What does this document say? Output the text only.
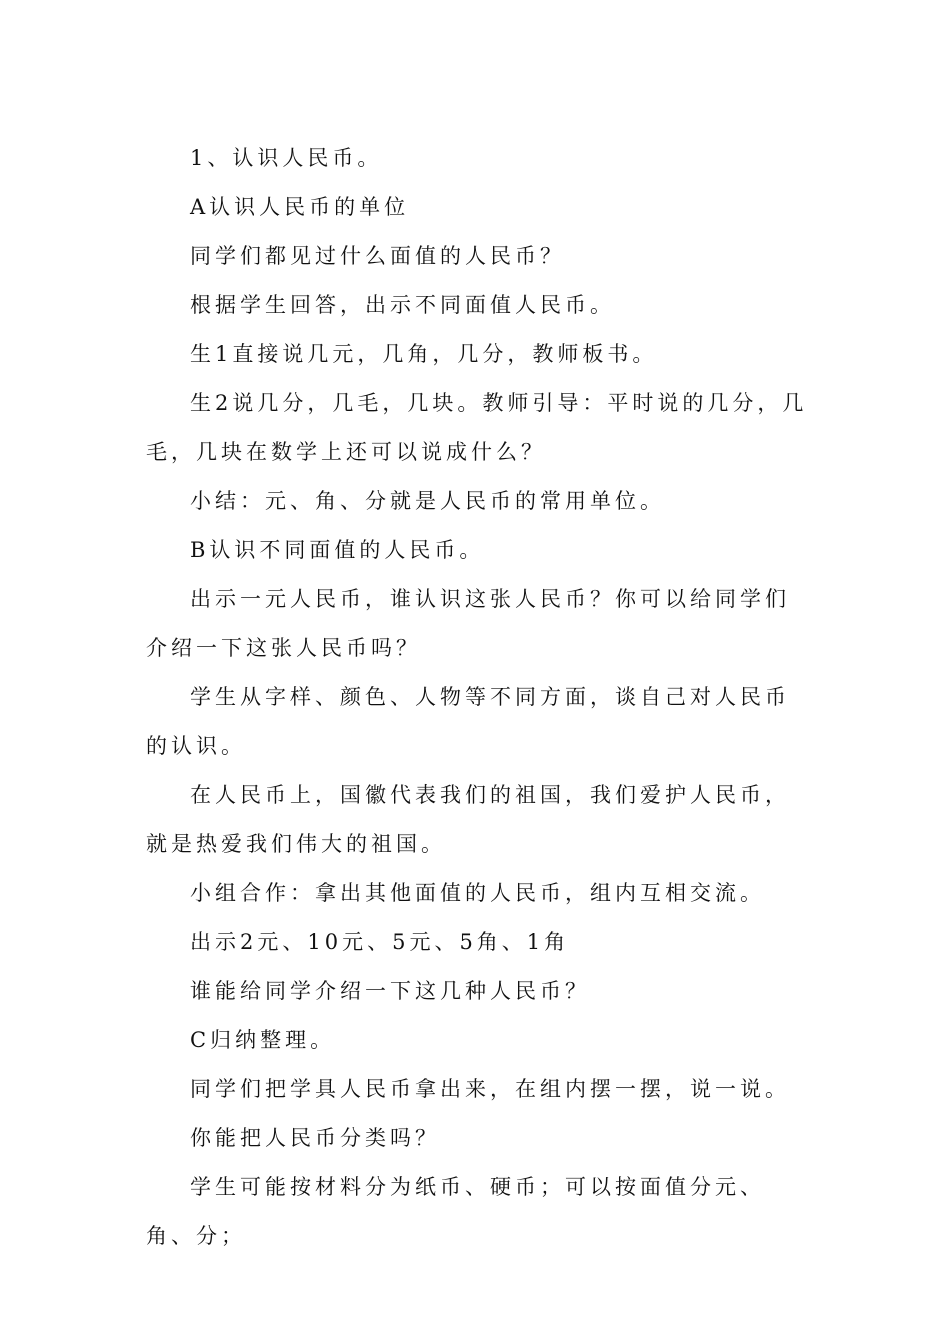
1、认识人民币。

A认识人民币的单位

同学们都见过什么面值的人民币？

根据学生回答，出示不同面值人民币。

生1直接说几元，几角，几分，教师板书。

生2说几分，几毛，几块。教师引导：平时说的几分，几毛，几块在数学上还可以说成什么？

小结：元、角、分就是人民币的常用单位。

B认识不同面值的人民币。

出示一元人民币，谁认识这张人民币？你可以给同学们介绍一下这张人民币吗？

学生从字样、颜色、人物等不同方面，谈自己对人民币的认识。

在人民币上，国徽代表我们的祖国，我们爱护人民币，就是热爱我们伟大的祖国。

小组合作：拿出其他面值的人民币，组内互相交流。

出示2元、10元、5元、5角、1角

谁能给同学介绍一下这几种人民币？

C归纳整理。

同学们把学具人民币拿出来，在组内摆一摆，说一说。

你能把人民币分类吗？

学生可能按材料分为纸币、硬币；可以按面值分元、角、分；
